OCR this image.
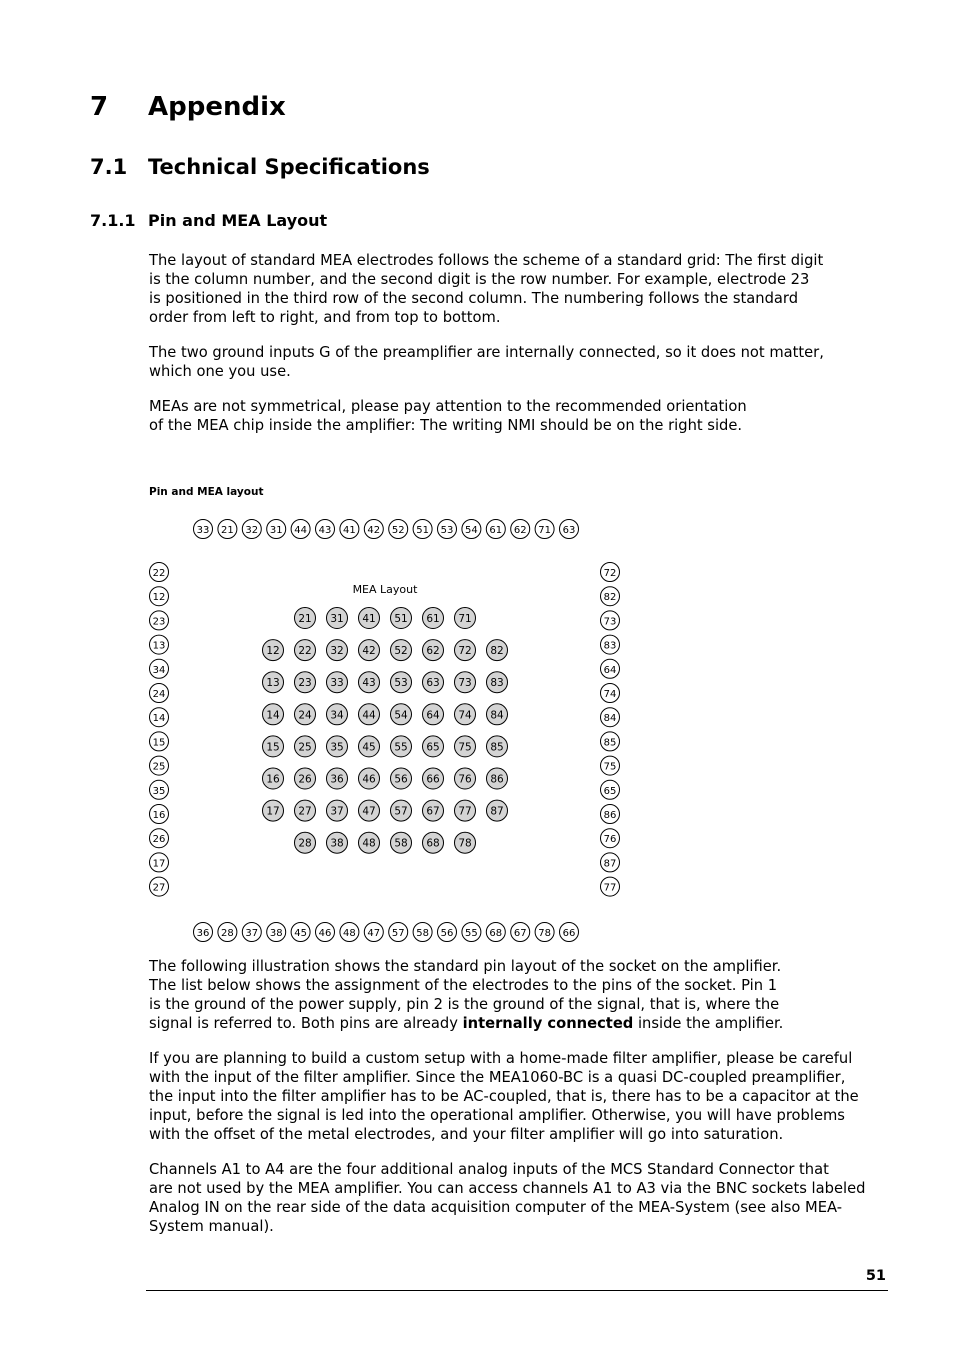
7 Appendix
7.1 Technical Specifications
7.1.1 Pin and MEA Layout
The layout of standard MEA electrodes follows the scheme of a standard grid: The first digit
is the column number, and the second digit is the row number. For example, electrode 23
is positioned in the third row of the second column. The numbering follows the standard
order from left to right, and from top to bottom.
The two ground inputs G of the preamplifier are internally connected, so it does not matter,
which one you use.
MEAs are not symmetrical, please pay attention to the recommended orientation
of the MEA chip inside the amplifier: The writing NMI should be on the right side.
Pin and MEA layout
MEA Layout
33 21 32 31 44 43 41 42 52 51 53 54 61 62 71 63
36 28 37 38 45 46 48 47 57 58 56 55 68 67 78 66
22
12
23
13
34
24
14
15
25
35
16
26
17
27
72
82
73
83
64
74
84
85
75
65
86
76
87
77
21 31 41 51 61 71
12 22 32 42 52 62 72 82
13 23 33 43 53 63 73 83
14 24 34 44 54 64 74 84
15 25 35 45 55 65 75 85
16 26 36 46 56 66 76 86
17 27 37 47 57 67 77 87
28 38 48 58 68 78
The following illustration shows the standard pin layout of the socket on the amplifier.
The list below shows the assignment of the electrodes to the pins of the socket. Pin 1
is the ground of the power supply, pin 2 is the ground of the signal, that is, where the
signal is referred to. Both pins are already internally connected inside the amplifier.
If you are planning to build a custom setup with a home-made filter amplifier, please be careful
with the input of the filter amplifier. Since the MEA1060-BC is a quasi DC-coupled preamplifier,
the input into the filter amplifier has to be AC-coupled, that is, there has to be a capacitor at the
input, before the signal is led into the operational amplifier. Otherwise, you will have problems
with the offset of the metal electrodes, and your filter amplifier will go into saturation.
Channels A1 to A4 are the four additional analog inputs of the MCS Standard Connector that
are not used by the MEA amplifier. You can access channels A1 to A3 via the BNC sockets labeled
Analog IN on the rear side of the data acquisition computer of the MEA-System (see also MEA-
System manual).
51
